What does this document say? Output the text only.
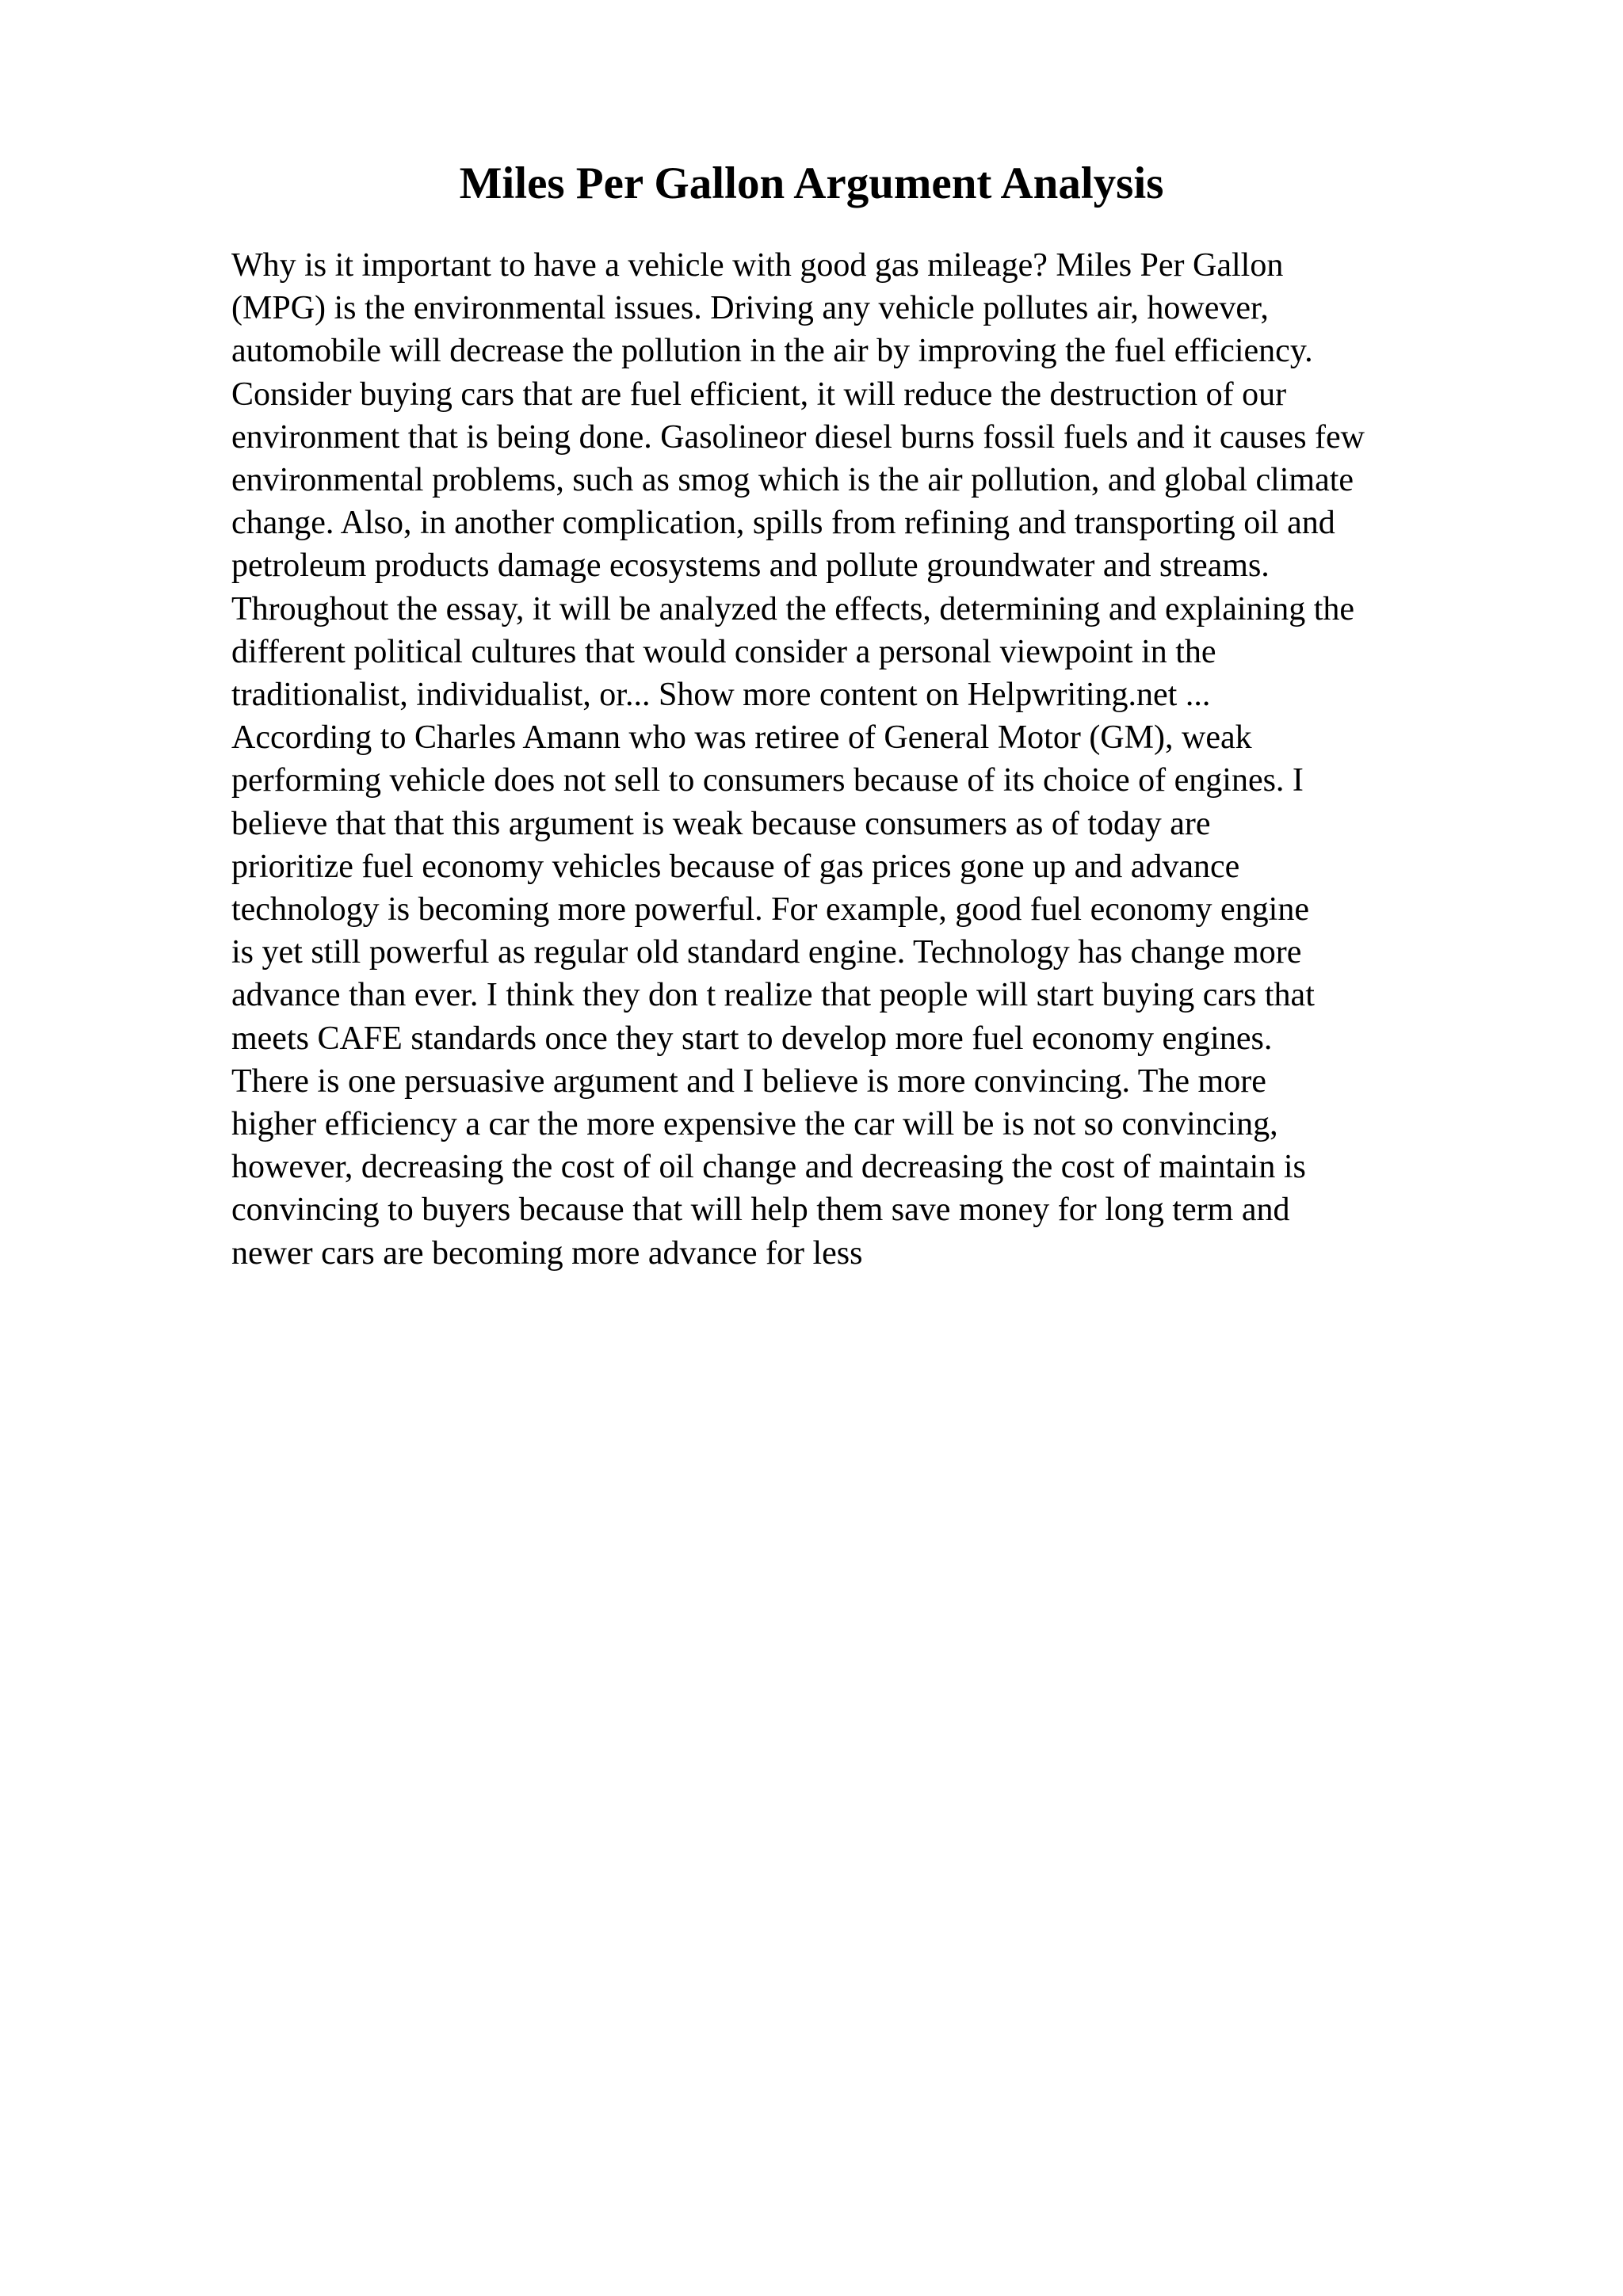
Miles Per Gallon Argument Analysis
Why is it important to have a vehicle with good gas mileage? Miles Per Gallon
(MPG) is the environmental issues. Driving any vehicle pollutes air, however,
automobile will decrease the pollution in the air by improving the fuel efficiency.
Consider buying cars that are fuel efficient, it will reduce the destruction of our
environment that is being done. Gasolineor diesel burns fossil fuels and it causes few
environmental problems, such as smog which is the air pollution, and global climate
change. Also, in another complication, spills from refining and transporting oil and
petroleum products damage ecosystems and pollute groundwater and streams.
Throughout the essay, it will be analyzed the effects, determining and explaining the
different political cultures that would consider a personal viewpoint in the
traditionalist, individualist, or... Show more content on Helpwriting.net ...
According to Charles Amann who was retiree of General Motor (GM), weak
performing vehicle does not sell to consumers because of its choice of engines. I
believe that that this argument is weak because consumers as of today are
prioritize fuel economy vehicles because of gas prices gone up and advance
technology is becoming more powerful. For example, good fuel economy engine
is yet still powerful as regular old standard engine. Technology has change more
advance than ever. I think they don t realize that people will start buying cars that
meets CAFE standards once they start to develop more fuel economy engines.
There is one persuasive argument and I believe is more convincing. The more
higher efficiency a car the more expensive the car will be is not so convincing,
however, decreasing the cost of oil change and decreasing the cost of maintain is
convincing to buyers because that will help them save money for long term and
newer cars are becoming more advance for less
